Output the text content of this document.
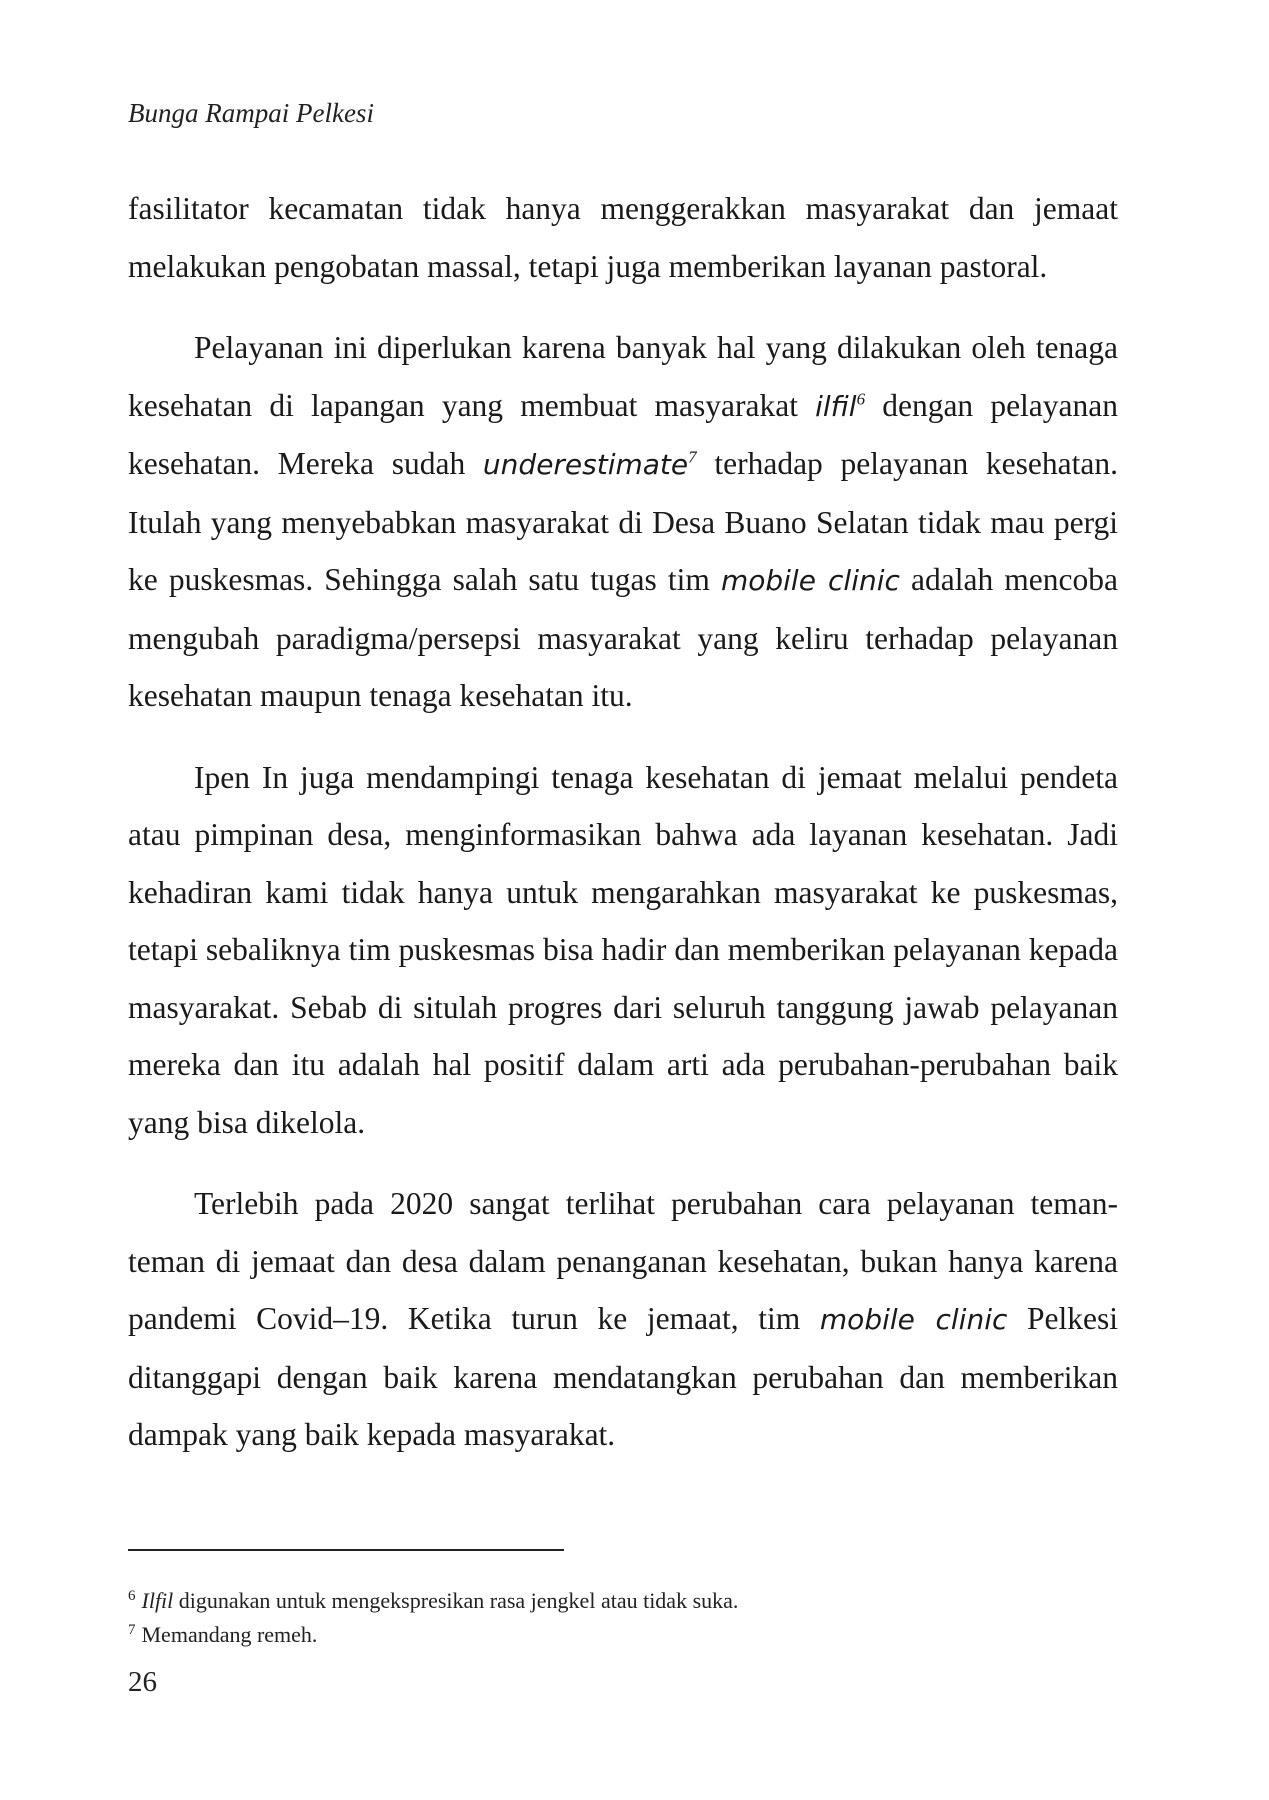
Bunga Rampai Pelkesi

fasilitator kecamatan tidak hanya menggerakkan masyarakat dan jemaat melakukan pengobatan massal, tetapi juga memberikan layanan pastoral.

Pelayanan ini diperlukan karena banyak hal yang dilakukan oleh tenaga kesehatan di lapangan yang membuat masyarakat ilfil$^6$ dengan pelayanan kesehatan. Mereka sudah underestimate$^7$ terhadap pelayanan kesehatan. Itulah yang menyebabkan masyarakat di Desa Buano Selatan tidak mau pergi ke puskesmas. Sehingga salah satu tugas tim mobile clinic adalah mencoba mengubah paradigma/persepsi masyarakat yang keliru terhadap pelayanan kesehatan maupun tenaga kesehatan itu.

Ipen In juga mendampingi tenaga kesehatan di jemaat melalui pendeta atau pimpinan desa, menginformasikan bahwa ada layanan kesehatan. Jadi kehadiran kami tidak hanya untuk mengarahkan masyarakat ke puskesmas, tetapi sebaliknya tim puskesmas bisa hadir dan memberikan pelayanan kepada masyarakat. Sebab di situlah progres dari seluruh tanggung jawab pelayanan mereka dan itu adalah hal positif dalam arti ada perubahan-perubahan baik yang bisa dikelola.

Terlebih pada 2020 sangat terlihat perubahan cara pelayanan teman-teman di jemaat dan desa dalam penanganan kesehatan, bukan hanya karena pandemi Covid–19. Ketika turun ke jemaat, tim mobile clinic Pelkesi ditanggapi dengan baik karena mendatangkan perubahan dan memberikan dampak yang baik kepada masyarakat.

$^6$ Ilfil digunakan untuk mengekspresikan rasa jengkel atau tidak suka.

$^7$ Memandang remeh.

26
